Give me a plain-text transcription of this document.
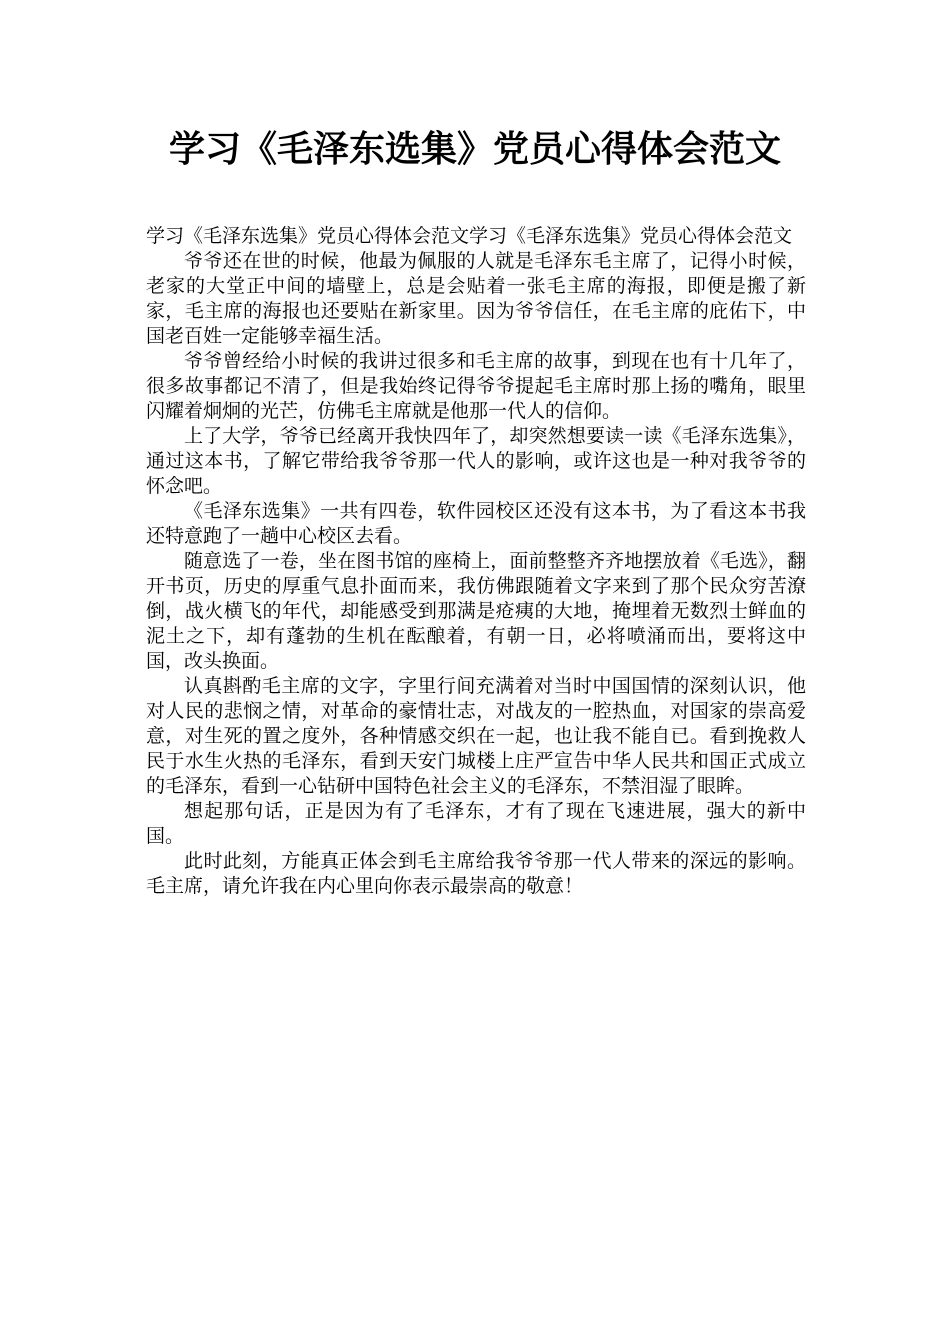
学习《毛泽东选集》党员心得体会范文

学习《毛泽东选集》党员心得体会范文学习《毛泽东选集》党员心得体会范文

爷爷还在世的时候，他最为佩服的人就是毛泽东毛主席了，记得小时候，老家的大堂正中间的墙壁上，总是会贴着一张毛主席的海报，即便是搬了新家，毛主席的海报也还要贴在新家里。因为爷爷信任，在毛主席的庇佑下，中国老百姓一定能够幸福生活。

爷爷曾经给小时候的我讲过很多和毛主席的故事，到现在也有十几年了，很多故事都记不清了，但是我始终记得爷爷提起毛主席时那上扬的嘴角，眼里闪耀着炯炯的光芒，仿佛毛主席就是他那一代人的信仰。

上了大学，爷爷已经离开我快四年了，却突然想要读一读《毛泽东选集》，通过这本书，了解它带给我爷爷那一代人的影响，或许这也是一种对我爷爷的怀念吧。

《毛泽东选集》一共有四卷，软件园校区还没有这本书，为了看这本书我还特意跑了一趟中心校区去看。

随意选了一卷，坐在图书馆的座椅上，面前整整齐齐地摆放着《毛选》，翻开书页，历史的厚重气息扑面而来，我仿佛跟随着文字来到了那个民众穷苦潦倒，战火横飞的年代，却能感受到那满是疮痍的大地，掩埋着无数烈士鲜血的泥土之下，却有蓬勃的生机在酝酿着，有朝一日，必将喷涌而出，要将这中国，改头换面。

认真斟酌毛主席的文字，字里行间充满着对当时中国国情的深刻认识，他对人民的悲悯之情，对革命的豪情壮志，对战友的一腔热血，对国家的崇高爱意，对生死的置之度外，各种情感交织在一起，也让我不能自已。看到挽救人民于水生火热的毛泽东，看到天安门城楼上庄严宣告中华人民共和国正式成立的毛泽东，看到一心钻研中国特色社会主义的毛泽东，不禁泪湿了眼眸。

想起那句话，正是因为有了毛泽东，才有了现在飞速进展，强大的新中国。

此时此刻，方能真正体会到毛主席给我爷爷那一代人带来的深远的影响。毛主席，请允许我在内心里向你表示最崇高的敬意！
